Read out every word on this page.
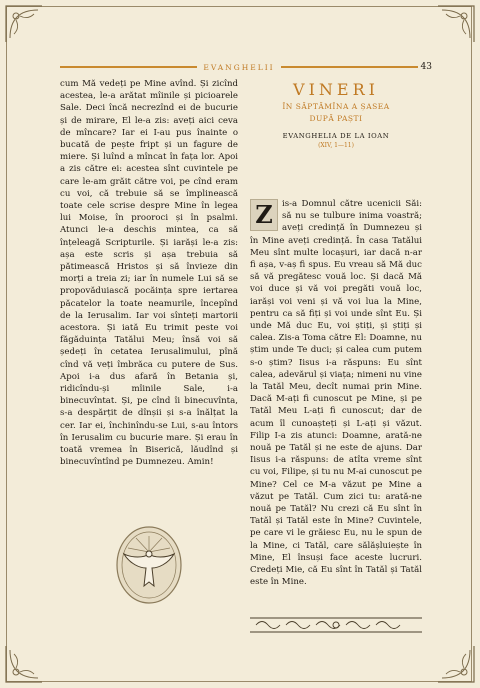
EVANGHELII	43

cum Mă vedeți pe Mine avînd. Și zicînd acestea, le-a arătat mîinile și picioarele Sale. Deci încă necrezînd ei de bucurie și de mirare, El le-a zis: aveți aici ceva de mîncare? Iar ei I-au pus înainte o bucată de pește fript și un fagure de miere. Și luînd a mîncat în fața lor. Apoi a zis către ei: acestea sînt cuvintele pe care le-am grăit către voi, pe cînd eram cu voi, că trebuie să se împlinească toate cele scrise despre Mine în legea lui Moise, în prooroci și în psalmi. Atunci le-a deschis mintea, ca să înțeleagă Scripturile. Și iarăși le-a zis: așa este scris și așa trebuia să pătimească Hristos și să învieze din morți a treia zi; iar în numele Lui să se propovăduiască pocăința spre iertarea păcatelor la toate neamurile, începînd de la Ierusalim. Iar voi sînteți martorii acestora. Și iată Eu trimit peste voi făgăduința Tatălui Meu; însă voi să ședeți în cetatea Ierusalimului, pînă cînd vă veți îmbrăca cu putere de Sus. Apoi i-a dus afară în Betania și, ridicîndu-și mîinile Sale, i-a binecuvîntat. Și, pe cînd îi binecuvînta, s-a despărțit de dînșii și s-a înălțat la cer. Iar ei, închinîndu-se Lui, s-au întors în Ierusalim cu bucurie mare. Și erau în toată vremea în Biserică, lăudînd și binecuvîntînd pe Dumnezeu. Amin!

VINERI
ÎN SĂPTĂMÎNA A ȘASEA
DUPĂ PAȘTI
EVANGHELIA DE LA IOAN
(XIV, 1—11)
Z	is-a Domnul către ucenicii Săi: să nu se tulbure inima voastră; aveți credință în Dumnezeu și în Mine aveți credință. În casa Tatălui Meu sînt multe locașuri, iar dacă n-ar fi așa, v-aș fi spus. Eu vreau să Mă duc să vă pregătesc vouă loc. Și dacă Mă voi duce și vă voi pregăti vouă loc, iarăși voi veni și vă voi lua la Mine, pentru ca să fiți și voi unde sînt Eu. Și unde Mă duc Eu, voi știți, și știți și calea. Zis-a Toma către El: Doamne, nu știm unde Te duci; și calea cum putem s-o știm? Iisus i-a răspuns: Eu sînt calea, adevărul și viața; nimeni nu vine la Tatăl Meu, decît numai prin Mine. Dacă M-ați fi cunoscut pe Mine, și pe Tatăl Meu L-ați fi cunoscut; dar de acum îl cunoașteți și L-ați și văzut. Filip I-a zis atunci: Doamne, arată-ne nouă pe Tatăl și ne este de ajuns. Dar Iisus i-a răspuns: de atîta vreme sînt cu voi, Filipe, și tu nu M-ai cunoscut pe Mine? Cel ce M-a văzut pe Mine a văzut pe Tatăl. Cum zici tu: arată-ne nouă pe Tatăl? Nu crezi că Eu sînt în Tatăl și Tatăl este în Mine? Cuvintele, pe care vi le grăiesc Eu, nu le spun de la Mine, ci Tatăl, care sălășluiește în Mine, El însuși face aceste lucruri. Credeți Mie, că Eu sînt în Tatăl și Tatăl este în Mine.
